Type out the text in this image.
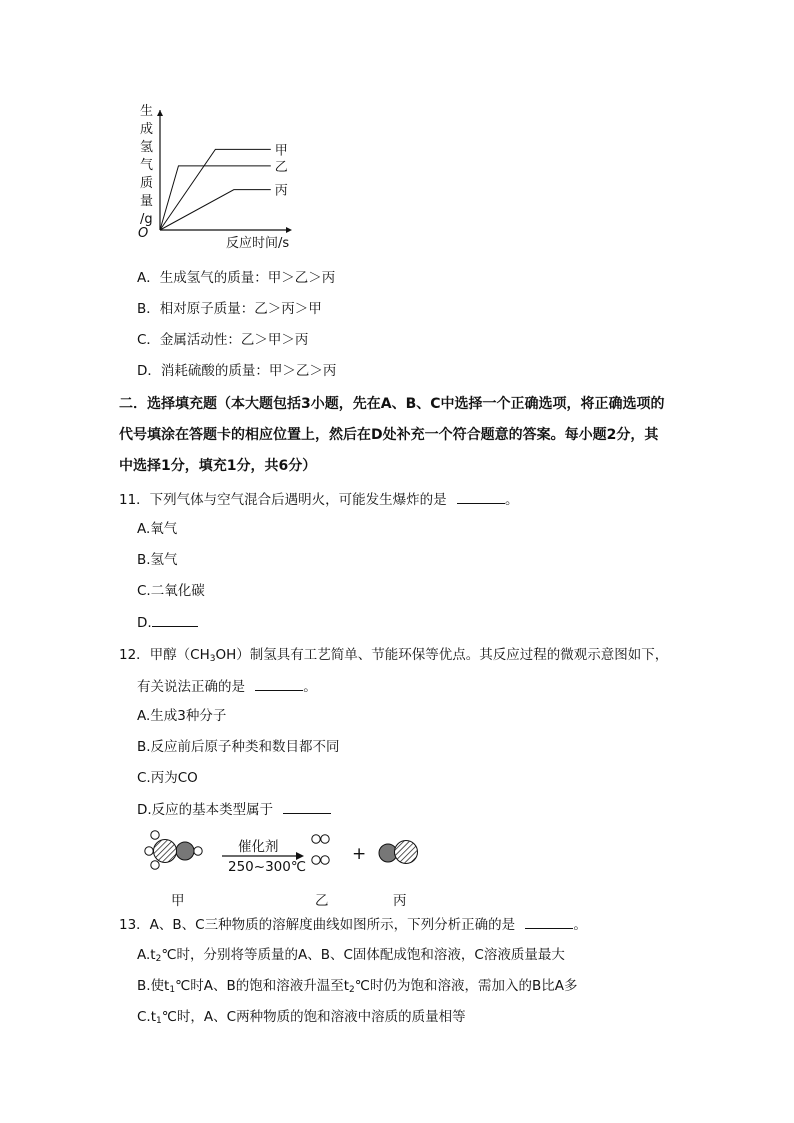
生
成
氢
气
质
量
/g
甲
乙
丙
O
反应时间/s
A．生成氢气的质量：甲＞乙＞丙
B．相对原子质量：乙＞丙＞甲
C．金属活动性：乙＞甲＞丙
D．消耗硫酸的质量：甲＞乙＞丙
二．选择填充题（本大题包括3小题，先在A、B、C中选择一个正确选项，将正确选项的
代号填涂在答题卡的相应位置上，然后在D处补充一个符合题意的答案。每小题2分，其
中选择1分，填充1分，共6分）
11．下列气体与空气混合后遇明火，可能发生爆炸的是	。
A.氧气
B.氢气
C.二氧化碳
D.
12．甲醇$(CH_3OH)$制氢具有工艺简单、节能环保等优点。其反应过程的微观示意图如下，
有关说法正确的是	。
A.生成3种分子
B.反应前后原子种类和数目都不同
C.丙为CO
D.反应的基本类型属于
催化剂
250~300℃
+
甲	乙	丙
13．A、B、C三种物质的溶解度曲线如图所示，下列分析正确的是	。
$A.t_2℃$时，分别将等质量的A、B、C固体配成饱和溶液，C溶液质量最大
B.使$t_1℃$时A、B的饱和溶液升温至$t_2℃$时仍为饱和溶液，需加入的B比A多
$C.t_1℃$时，A、C两种物质的饱和溶液中溶质的质量相等
